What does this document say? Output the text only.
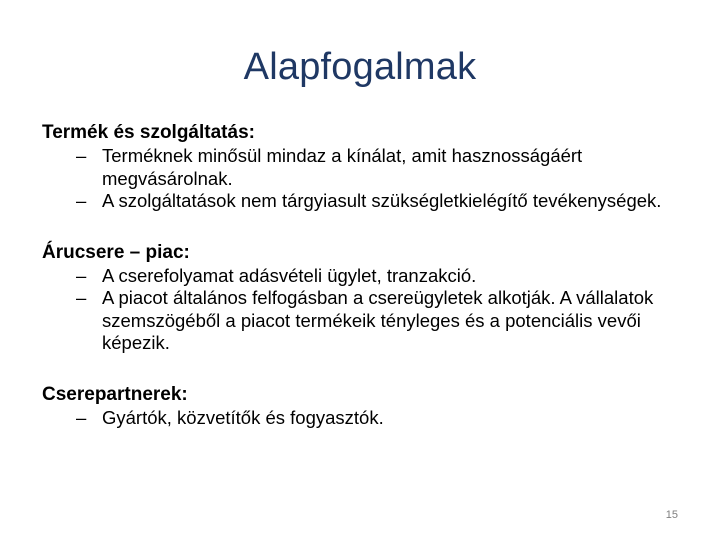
Alapfogalmak

Termék és szolgáltatás:

– Terméknek minősül mindaz a kínálat, amit hasznosságáért megvásárolnak.
– A szolgáltatások nem tárgyiasult szükségletkielégítő tevékenységek.

Árucsere – piac:

– A cserefolyamat adásvételi ügylet, tranzakció.
– A piacot általános felfogásban a csereügyletek alkotják. A vállalatok szemszögéből a piacot termékeik tényleges és a potenciális vevői képezik.

Cserepartnerek:

– Gyártók, közvetítők és fogyasztók.
15
